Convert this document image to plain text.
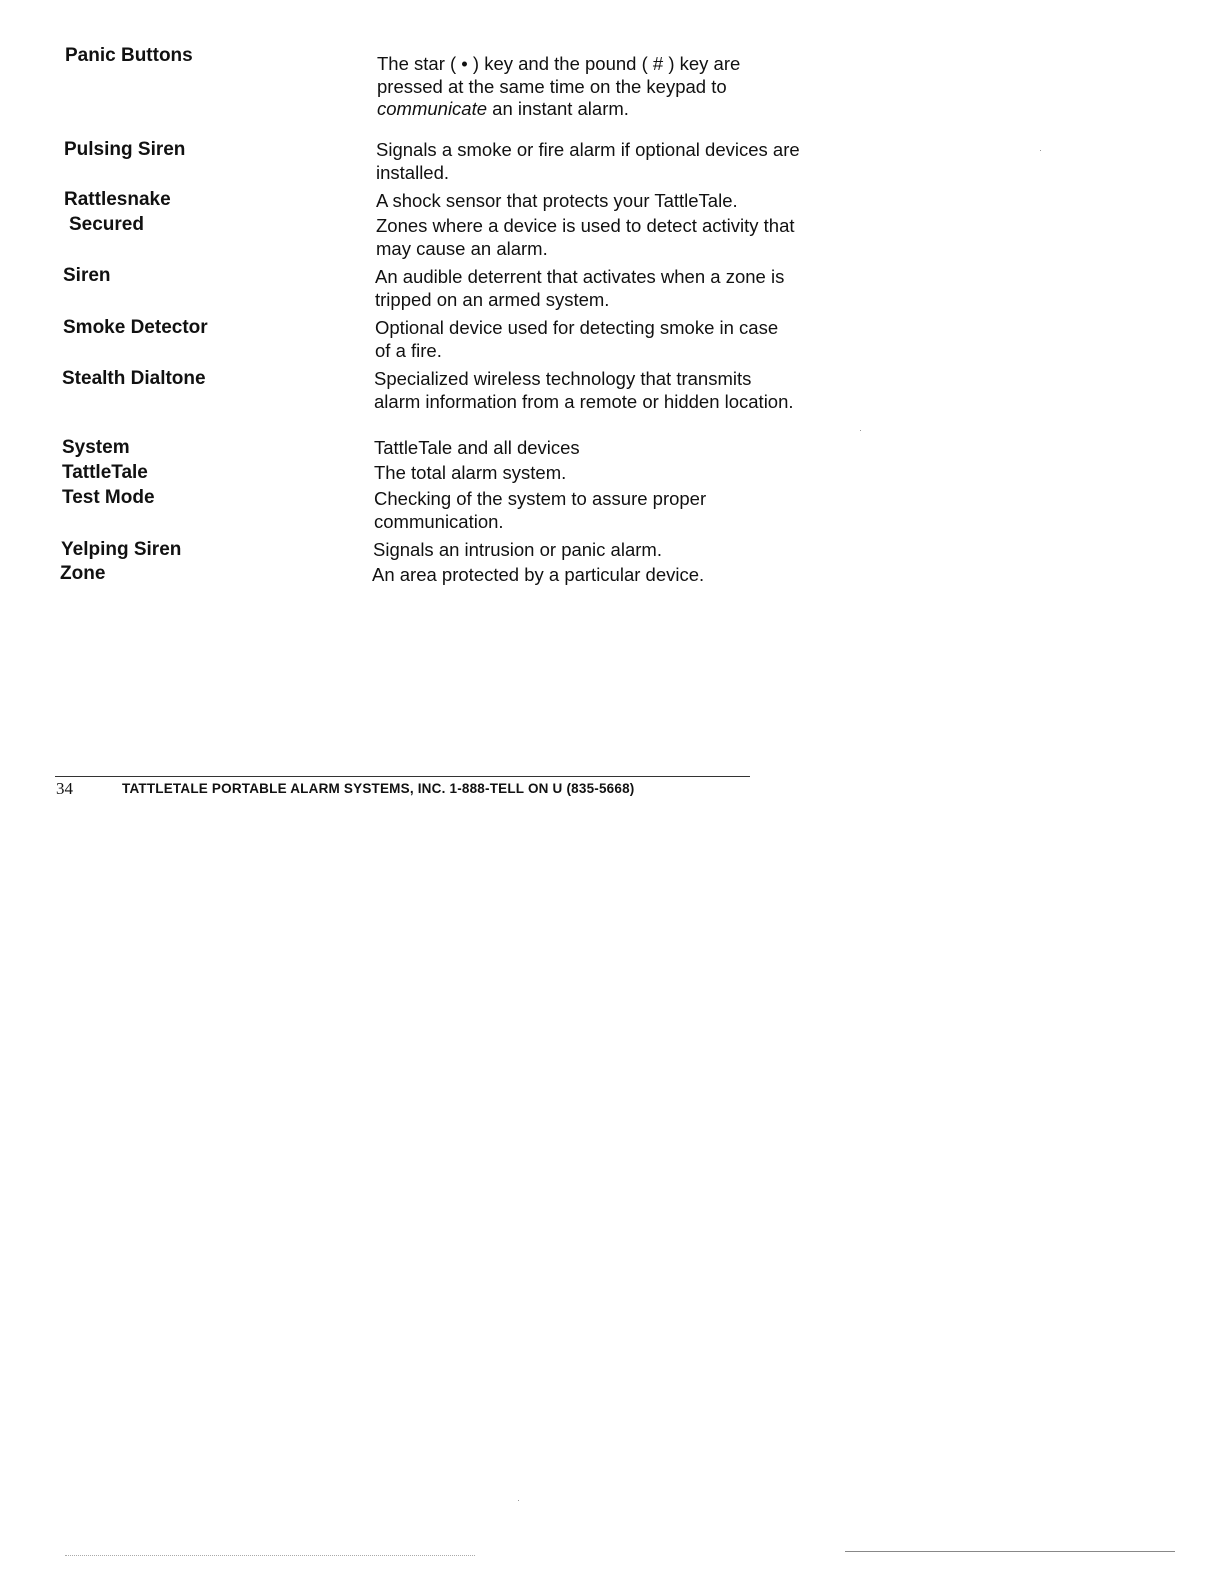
Panic Buttons	The star ( • ) key and the pound ( # ) key are pressed at the same time on the keypad to communicate an instant alarm.
Pulsing Siren	Signals a smoke or fire alarm if optional devices are installed.
Rattlesnake	A shock sensor that protects your TattleTale.
Secured	Zones where a device is used to detect activity that may cause an alarm.
Siren	An audible deterrent that activates when a zone is tripped on an armed system.
Smoke Detector	Optional device used for detecting smoke in case of a fire.
Stealth Dialtone	Specialized wireless technology that transmits alarm information from a remote or hidden location.
System	TattleTale and all devices
TattleTale	The total alarm system.
Test Mode	Checking of the system to assure proper communication.
Yelping Siren	Signals an intrusion or panic alarm.
Zone	An area protected by a particular device.
34	TATTLETALE PORTABLE ALARM SYSTEMS, INC. 1-888-TELL ON U (835-5668)
